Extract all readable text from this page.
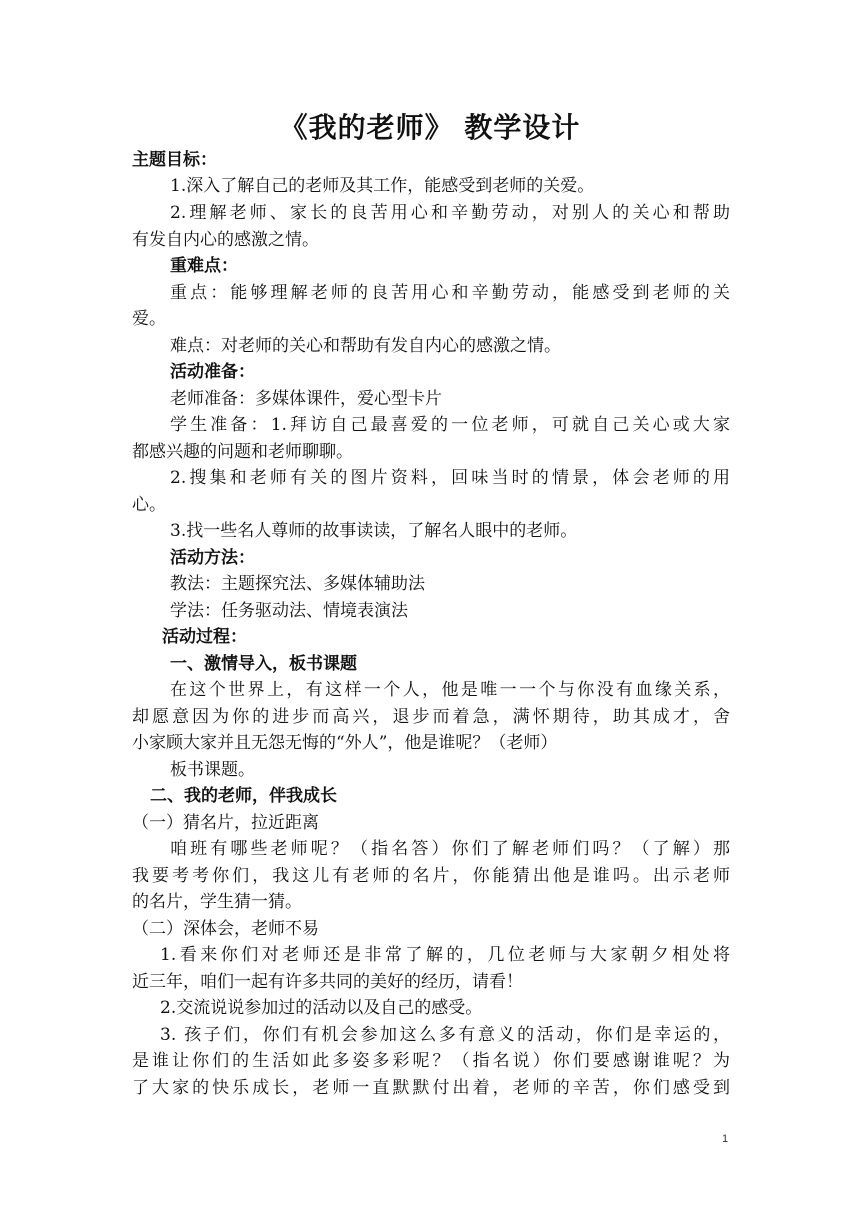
《我的老师》 教学设计

主题目标：

1.深入了解自己的老师及其工作，能感受到老师的关爱。

2.理解老师、家长的良苦用心和辛勤劳动，对别人的关心和帮助

有发自内心的感激之情。

重难点：

重点：能够理解老师的良苦用心和辛勤劳动，能感受到老师的关

爱。

难点：对老师的关心和帮助有发自内心的感激之情。

活动准备：

老师准备：多媒体课件，爱心型卡片

学生准备：1.拜访自己最喜爱的一位老师，可就自己关心或大家

都感兴趣的问题和老师聊聊。

2.搜集和老师有关的图片资料，回味当时的情景，体会老师的用

心。

3.找一些名人尊师的故事读读，了解名人眼中的老师。

活动方法：

教法：主题探究法、多媒体辅助法

学法：任务驱动法、情境表演法

活动过程：

一、激情导入，板书课题

在这个世界上，有这样一个人，他是唯一一个与你没有血缘关系，

却愿意因为你的进步而高兴，退步而着急，满怀期待，助其成才，舍

小家顾大家并且无怨无悔的“外人”，他是谁呢？（老师）

板书课题。

二、我的老师，伴我成长

（一）猜名片，拉近距离

咱班有哪些老师呢？（指名答）你们了解老师们吗？（了解）那

我要考考你们，我这儿有老师的名片，你能猜出他是谁吗。出示老师

的名片，学生猜一猜。

（二）深体会，老师不易

1.看来你们对老师还是非常了解的，几位老师与大家朝夕相处将

近三年，咱们一起有许多共同的美好的经历，请看！

2.交流说说参加过的活动以及自己的感受。

3. 孩子们，你们有机会参加这么多有意义的活动，你们是幸运的，

是谁让你们的生活如此多姿多彩呢？（指名说）你们要感谢谁呢？为

了大家的快乐成长，老师一直默默付出着，老师的辛苦，你们感受到

1
